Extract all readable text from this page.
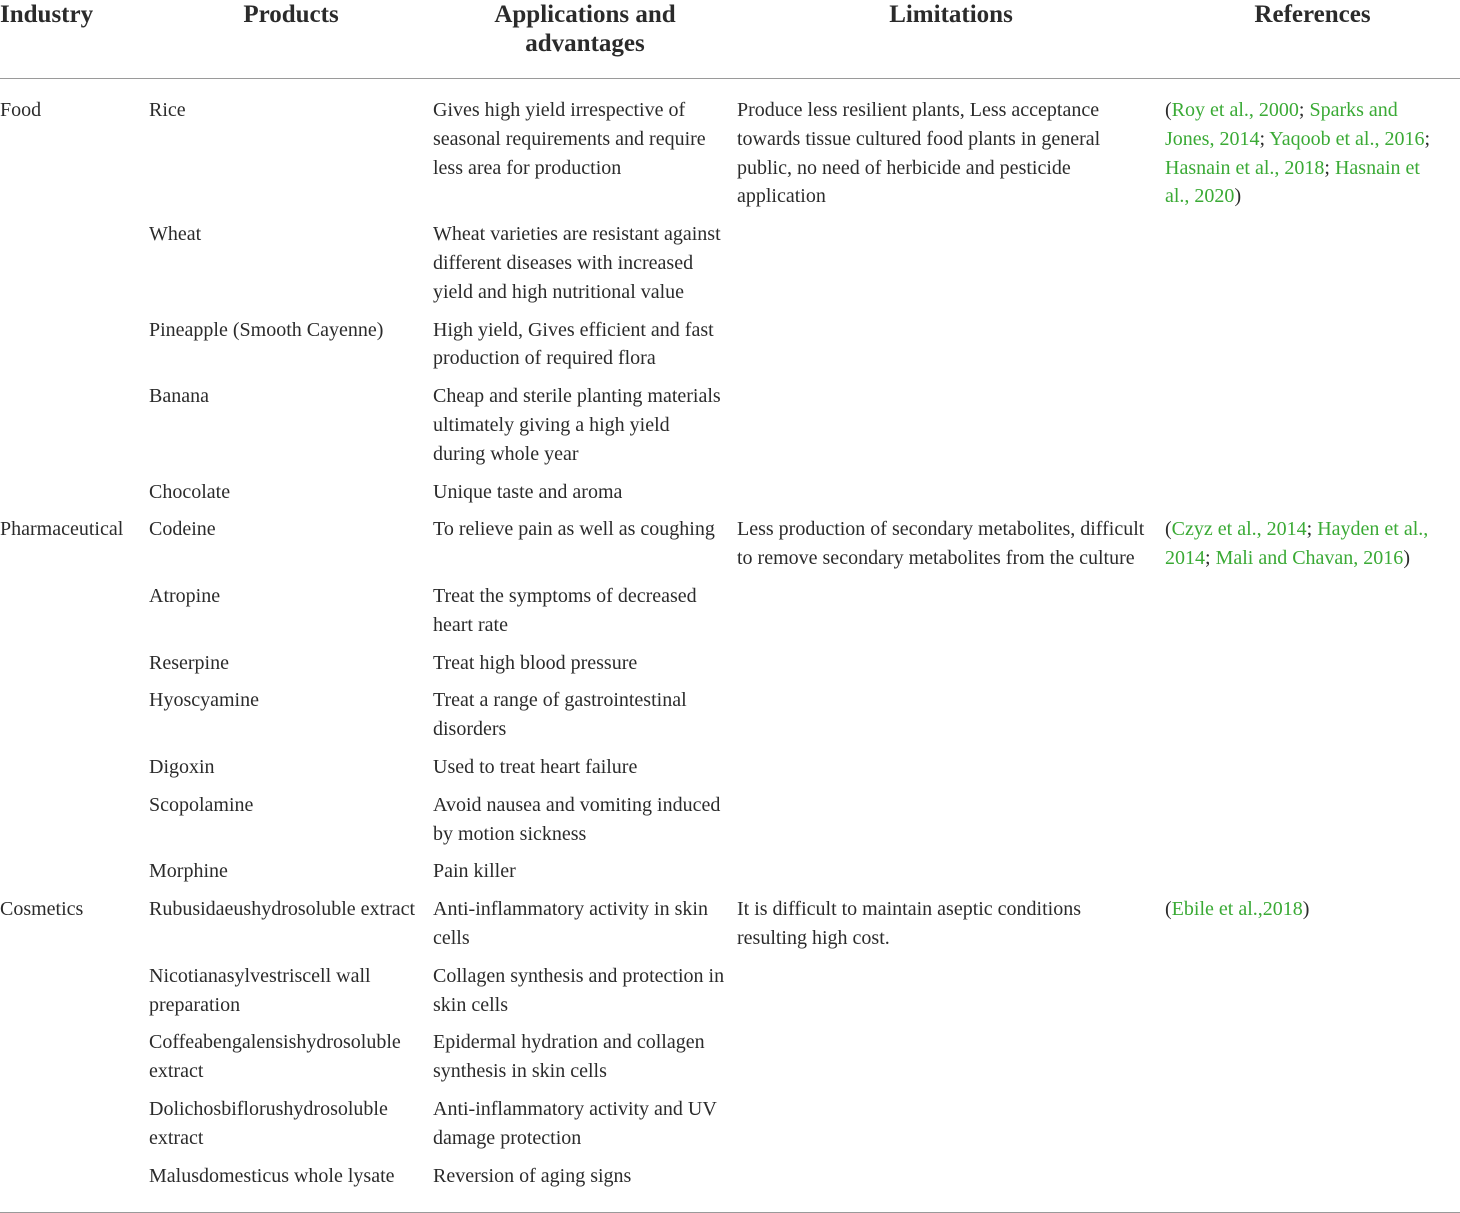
Industry	Products	Applications and advantages	Limitations	References
Food	Rice	Gives high yield irrespective of seasonal requirements and require less area for production	Produce less resilient plants, Less acceptance towards tissue cultured food plants in general public, no need of herbicide and pesticide application	(Roy et al., 2000; Sparks and Jones, 2014; Yaqoob et al., 2016; Hasnain et al., 2018; Hasnain et al., 2020)
	Wheat	Wheat varieties are resistant against different diseases with increased yield and high nutritional value		
	Pineapple (Smooth Cayenne)	High yield, Gives efficient and fast production of required flora		
	Banana	Cheap and sterile planting materials ultimately giving a high yield during whole year		
	Chocolate	Unique taste and aroma		
Pharmaceutical	Codeine	To relieve pain as well as coughing	Less production of secondary metabolites, difficult to remove secondary metabolites from the culture	(Czyz et al., 2014; Hayden et al., 2014; Mali and Chavan, 2016)
	Atropine	Treat the symptoms of decreased heart rate		
	Reserpine	Treat high blood pressure		
	Hyoscyamine	Treat a range of gastrointestinal disorders		
	Digoxin	Used to treat heart failure		
	Scopolamine	Avoid nausea and vomiting induced by motion sickness		
	Morphine	Pain killer		
Cosmetics	Rubusidaeushydrosoluble extract	Anti-inflammatory activity in skin cells	It is difficult to maintain aseptic conditions resulting high cost.	(Ebile et al.,2018)
	Nicotianasylvestriscell wall preparation	Collagen synthesis and protection in skin cells		
	Coffeabengalensishydrosoluble extract	Epidermal hydration and collagen synthesis in skin cells		
	Dolichosbiflorushydrosoluble extract	Anti-inflammatory activity and UV damage protection		
	Malusdomesticus whole lysate	Reversion of aging signs		
